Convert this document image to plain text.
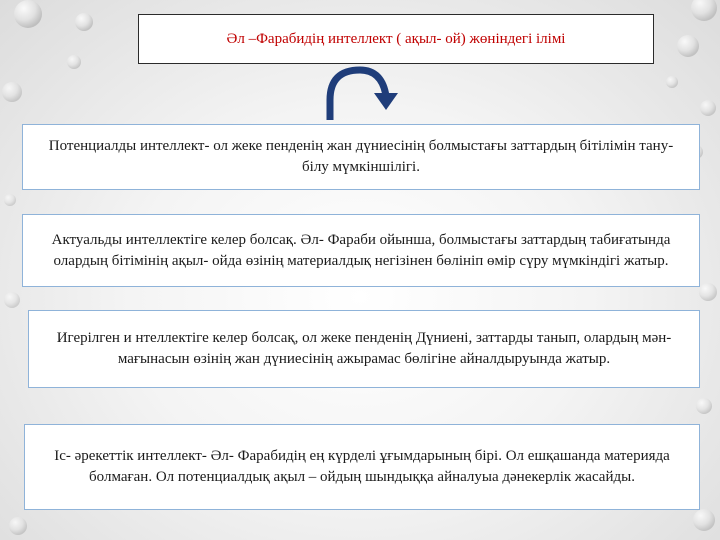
Әл –Фарабидің интеллект ( ақыл- ой) жөніндегі ілімі
Потенциалды интеллект- ол жеке пенденің жан дүниесінің болмыстағы заттардың бітілімін тану- білу мүмкіншілігі.
Актуальды интеллектіге келер болсақ. Әл- Фараби ойынша, болмыстағы заттардың табиғатында олардың бітімінің ақыл- ойда өзінің материалдық негізінен бөлініп өмір сүру мүмкіндігі жатыр.
Игерілген и нтеллектіге келер болсақ, ол жеке пенденің Дүниені, заттарды танып, олардың мән- мағынасын өзінің жан дүниесінің ажырамас бөлігіне айналдыруында жатыр.
Іс- әрекеттік интеллект- Әл- Фарабидің ең күрделі ұғымдарының бірі. Ол ешқашанда материяда болмаған. Ол потенциалдық ақыл – ойдың шындыққа айналуыа дәнекерлік жасайды.
